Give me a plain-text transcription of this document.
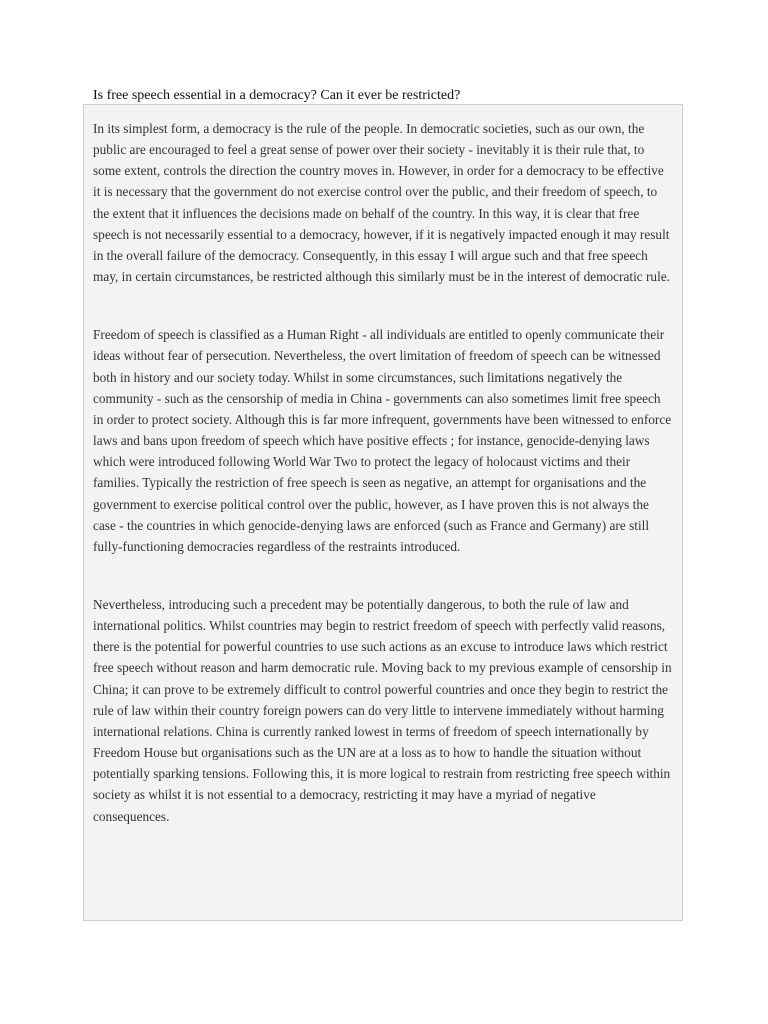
Is free speech essential in a democracy? Can it ever be restricted?

In its simplest form, a democracy is the rule of the people. In democratic societies, such as our own, the public are encouraged to feel a great sense of power over their society - inevitably it is their rule that, to some extent, controls the direction the country moves in. However, in order for a democracy to be effective it is necessary that the government do not exercise control over the public, and their freedom of speech, to the extent that it influences the decisions made on behalf of the country. In this way, it is clear that free speech is not necessarily essential to a democracy, however, if it is negatively impacted enough it may result in the overall failure of the democracy. Consequently, in this essay I will argue such and that free speech may, in certain circumstances, be restricted although this similarly must be in the interest of democratic rule.

Freedom of speech is classified as a Human Right - all individuals are entitled to openly communicate their ideas without fear of persecution. Nevertheless, the overt limitation of freedom of speech can be witnessed both in history and our society today. Whilst in some circumstances, such limitations negatively the community - such as the censorship of media in China - governments can also sometimes limit free speech in order to protect society. Although this is far more infrequent, governments have been witnessed to enforce laws and bans upon freedom of speech which have positive effects ; for instance, genocide-denying laws which were introduced following World War Two to protect the legacy of holocaust victims and their families. Typically the restriction of free speech is seen as negative, an attempt for organisations and the government to exercise political control over the public, however, as I have proven this is not always the case - the countries in which genocide-denying laws are enforced (such as France and Germany) are still fully-functioning democracies regardless of the restraints introduced.

Nevertheless, introducing such a precedent may be potentially dangerous, to both the rule of law and international politics. Whilst countries may begin to restrict freedom of speech with perfectly valid reasons, there is the potential for powerful countries to use such actions as an excuse to introduce laws which restrict free speech without reason and harm democratic rule. Moving back to my previous example of censorship in China; it can prove to be extremely difficult to control powerful countries and once they begin to restrict the rule of law within their country foreign powers can do very little to intervene immediately without harming international relations. China is currently ranked lowest in terms of freedom of speech internationally by Freedom House but organisations such as the UN are at a loss as to how to handle the situation without potentially sparking tensions. Following this, it is more logical to restrain from restricting free speech within society as whilst it is not essential to a democracy, restricting it may have a myriad of negative consequences.
